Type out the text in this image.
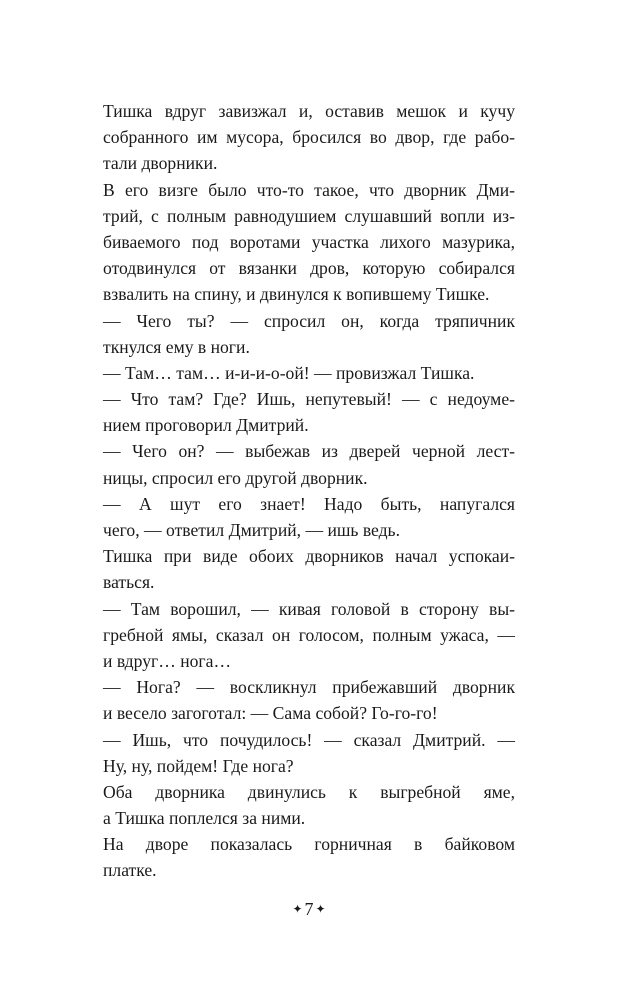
Тишка вдруг завизжал и, оставив мешок и кучу
собранного им мусора, бросился во двор, где рабо-
тали дворники.
В его визге было что-то такое, что дворник Дми-
трий, с полным равнодушием слушавший вопли из-
биваемого под воротами участка лихого мазурика,
отодвинулся от вязанки дров, которую собирался
взвалить на спину, и двинулся к вопившему Тишке.
— Чего ты? — спросил он, когда тряпичник
ткнулся ему в ноги.
— Там… там… и-и-и-о-ой! — провизжал Тишка.
— Что там? Где? Ишь, непутевый! — с недоуме-
нием проговорил Дмитрий.
— Чего он? — выбежав из дверей черной лест-
ницы, спросил его другой дворник.
— А шут его знает! Надо быть, напугался
чего, — ответил Дмитрий, — ишь ведь.
Тишка при виде обоих дворников начал успокаи-
ваться.
— Там ворошил, — кивая головой в сторону вы-
гребной ямы, сказал он голосом, полным ужаса, —
и вдруг… нога…
— Нога? — воскликнул прибежавший дворник
и весело загоготал: — Сама собой? Го-го-го!
— Ишь, что почудилось! — сказал Дмитрий. —
Ну, ну, пойдем! Где нога?
Оба дворника двинулись к выгребной яме,
а Тишка поплелся за ними.
На дворе показалась горничная в байковом
платке.
✦ 7 ✦
